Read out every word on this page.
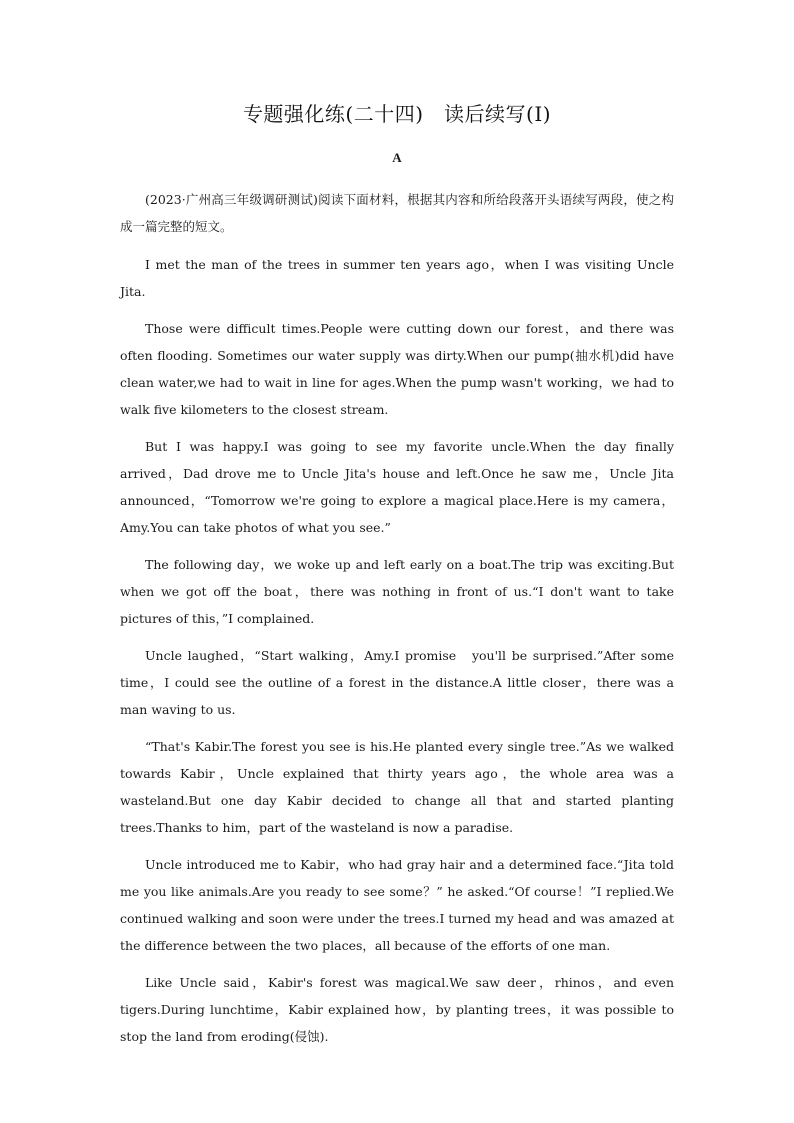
专题强化练(二十四)　读后续写(Ⅰ)
A

(2023·广州高三年级调研测试)阅读下面材料，根据其内容和所给段落开头语续写两段，使之构成一篇完整的短文。

I met the man of the trees in summer ten years ago，when I was visiting Uncle Jita.

Those were difficult times.People were cutting down our forest，and there was often flooding. Sometimes our water supply was dirty.When our pump(抽水机)did have clean water,we had to wait in line for ages.When the pump wasn't working，we had to walk five kilometers to the closest stream.

But I was happy.I was going to see my favorite uncle.When the day finally arrived，Dad drove me to Uncle Jita's house and left.Once he saw me，Uncle Jita announced，“Tomorrow we're going to explore a magical place.Here is my camera，Amy.You can take photos of what you see.”

The following day，we woke up and left early on a boat.The trip was exciting.But when we got off the boat，there was nothing in front of us.“I don't want to take pictures of this，”I complained.

Uncle laughed，“Start walking，Amy.I promise　you'll be surprised.”After some time，I could see the outline of a forest in the distance.A little closer，there was a man waving to us.

“That's Kabir.The forest you see is his.He planted every single tree.”As we walked towards Kabir，Uncle explained that thirty years ago，the whole area was a wasteland.But one day Kabir decided to change all that and started planting trees.Thanks to him，part of the wasteland is now a paradise.

Uncle introduced me to Kabir，who had gray hair and a determined face.“Jita told me you like animals.Are you ready to see some？” he asked.“Of course！”I replied.We continued walking and soon were under the trees.I turned my head and was amazed at the difference between the two places，all because of the efforts of one man.

Like Uncle said，Kabir's forest was magical.We saw deer，rhinos，and even tigers.During lunchtime，Kabir explained how，by planting trees，it was possible to stop the land from eroding(侵蚀).
